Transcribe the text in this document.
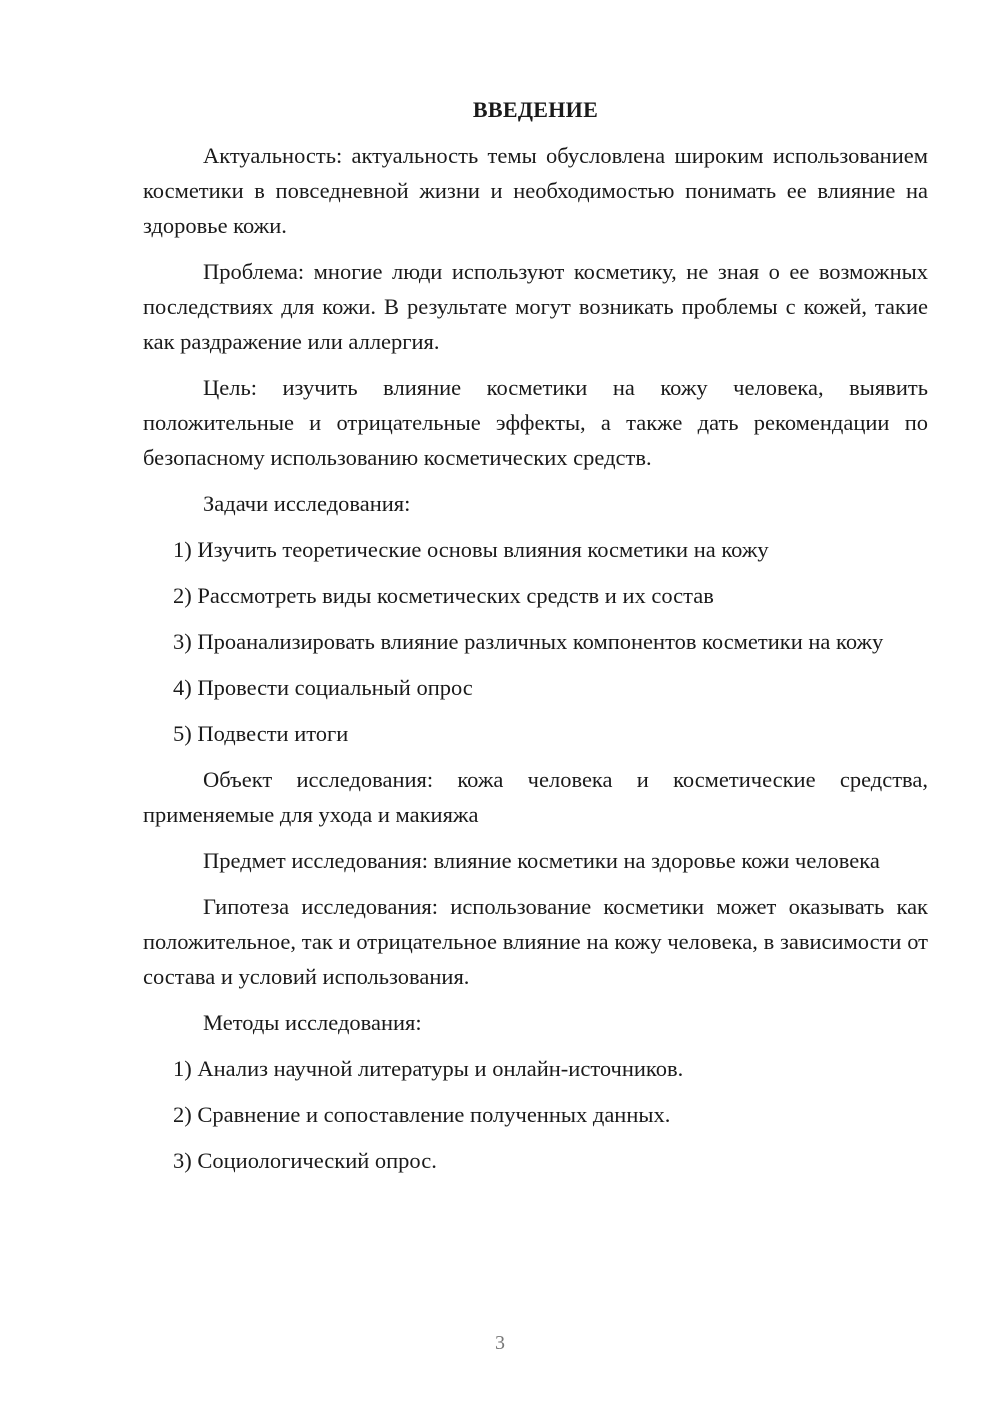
ВВЕДЕНИЕ

Актуальность: актуальность темы обусловлена широким использованием косметики в повседневной жизни и необходимостью понимать ее влияние на здоровье кожи.

Проблема: многие люди используют косметику, не зная о ее возможных последствиях для кожи. В результате могут возникать проблемы с кожей, такие как раздражение или аллергия.

Цель: изучить влияние косметики на кожу человека, выявить положительные и отрицательные эффекты, а также дать рекомендации по безопасному использованию косметических средств.

Задачи исследования:

1) Изучить теоретические основы влияния косметики на кожу

2) Рассмотреть виды косметических средств и их состав

3) Проанализировать влияние различных компонентов косметики на кожу

4) Провести социальный опрос

5) Подвести итоги

Объект исследования: кожа человека и косметические средства, применяемые для ухода и макияжа

Предмет исследования: влияние косметики на здоровье кожи человека

Гипотеза исследования: использование косметики может оказывать как положительное, так и отрицательное влияние на кожу человека, в зависимости от состава и условий использования.

Методы исследования:

1) Анализ научной литературы и онлайн-источников.

2) Сравнение и сопоставление полученных данных.

3) Социологический опрос.

3
